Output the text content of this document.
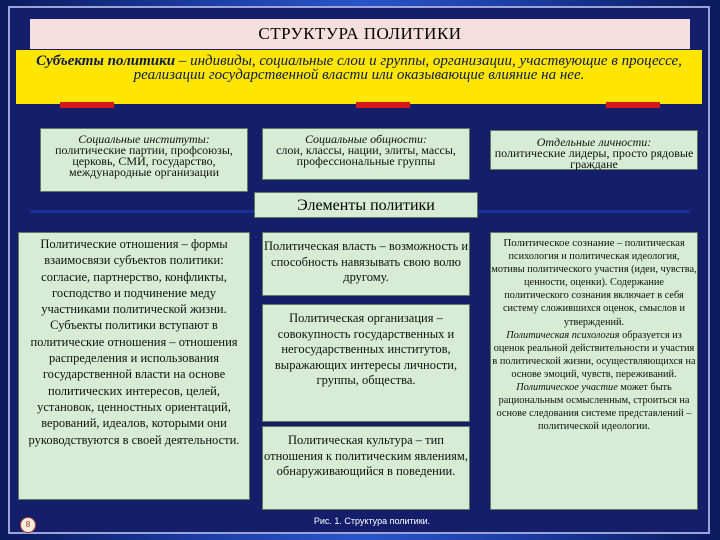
СТРУКТУРА ПОЛИТИКИ
Субъекты политики – индивиды, социальные слои и группы, организации, участвующие в процессе, реализации государственной власти или оказывающие влияние на нее.
Социальные институты:
политические партии, профсоюзы, церковь, СМИ, государство, международные организации
Социальные общности:
слои, классы, нации, элиты, массы, профессиональные группы
Отдельные личности:
политические лидеры, просто рядовые граждане
Элементы политики
Политические отношения – формы взаимосвязи субъектов политики: согласие, партнерство, конфликты, господство и подчинение меду участниками политической жизни. Субъекты политики вступают в политические отношения – отношения распределения и использования государственной власти на основе политических интересов, целей, установок, ценностных ориентаций, верований, идеалов, которыми они руководствуются в своей деятельности.
Политическая власть – возможность и способность навязывать свою волю другому.
Политическая организация – совокупность государственных и негосударственных институтов, выражающих интересы личности, группы, общества.
Политическая культура – тип отношения к политическим явлениям, обнаруживающийся в поведении.
Политическое сознание – политическая психология и политическая идеология, мотивы политического участия (идеи, чувства, ценности, оценки). Содержание политического сознания включает в себя систему сложившихся оценок, смыслов и утверждений.
Политическая психология образуется из оценок реальной действительности и участия в политической жизни, осуществляющихся на основе эмоций, чувств, переживаний.
Политическое участие может быть рациональным осмысленным, строиться на основе следования системе представлений – политической идеологии.
Рис. 1. Структура политики.
8
